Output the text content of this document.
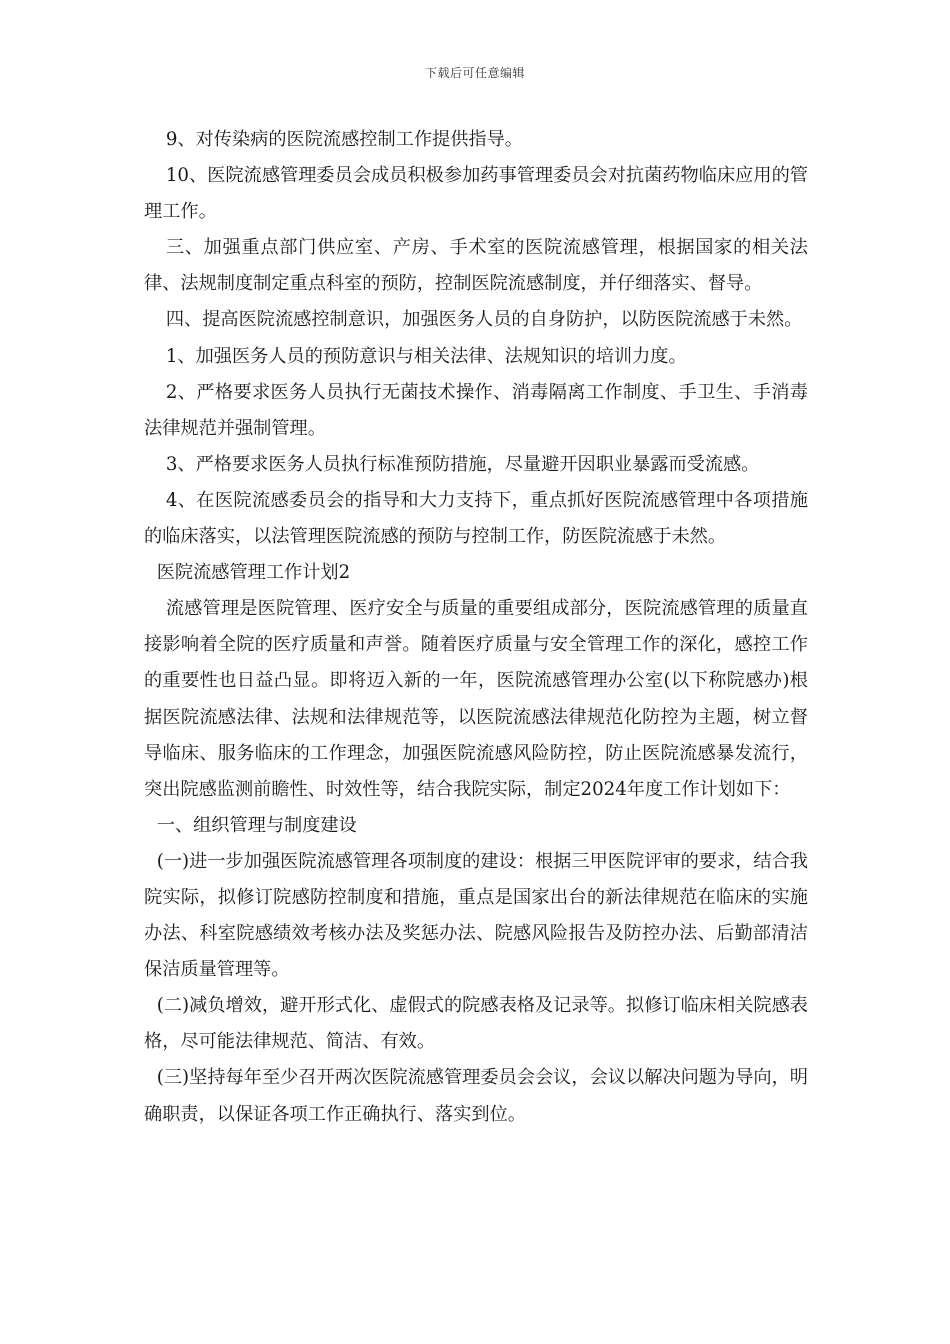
下载后可任意编辑

9、对传染病的医院流感控制工作提供指导。

10、医院流感管理委员会成员积极参加药事管理委员会对抗菌药物临床应用的管理工作。

三、加强重点部门供应室、产房、手术室的医院流感管理，根据国家的相关法律、法规制度制定重点科室的预防，控制医院流感制度，并仔细落实、督导。

四、提高医院流感控制意识，加强医务人员的自身防护，以防医院流感于未然。

1、加强医务人员的预防意识与相关法律、法规知识的培训力度。

2、严格要求医务人员执行无菌技术操作、消毒隔离工作制度、手卫生、手消毒法律规范并强制管理。

3、严格要求医务人员执行标准预防措施，尽量避开因职业暴露而受流感。

4、在医院流感委员会的指导和大力支持下，重点抓好医院流感管理中各项措施的临床落实，以法管理医院流感的预防与控制工作，防医院流感于未然。

医院流感管理工作计划2

流感管理是医院管理、医疗安全与质量的重要组成部分，医院流感管理的质量直接影响着全院的医疗质量和声誉。随着医疗质量与安全管理工作的深化，感控工作的重要性也日益凸显。即将迈入新的一年，医院流感管理办公室(以下称院感办)根据医院流感法律、法规和法律规范等，以医院流感法律规范化防控为主题，树立督导临床、服务临床的工作理念，加强医院流感风险防控，防止医院流感暴发流行，突出院感监测前瞻性、时效性等，结合我院实际，制定2024年度工作计划如下：

一、组织管理与制度建设

(一)进一步加强医院流感管理各项制度的建设：根据三甲医院评审的要求，结合我院实际，拟修订院感防控制度和措施，重点是国家出台的新法律规范在临床的实施办法、科室院感绩效考核办法及奖惩办法、院感风险报告及防控办法、后勤部清洁保洁质量管理等。

(二)减负增效，避开形式化、虚假式的院感表格及记录等。拟修订临床相关院感表格，尽可能法律规范、简洁、有效。

(三)坚持每年至少召开两次医院流感管理委员会会议，会议以解决问题为导向，明确职责，以保证各项工作正确执行、落实到位。
